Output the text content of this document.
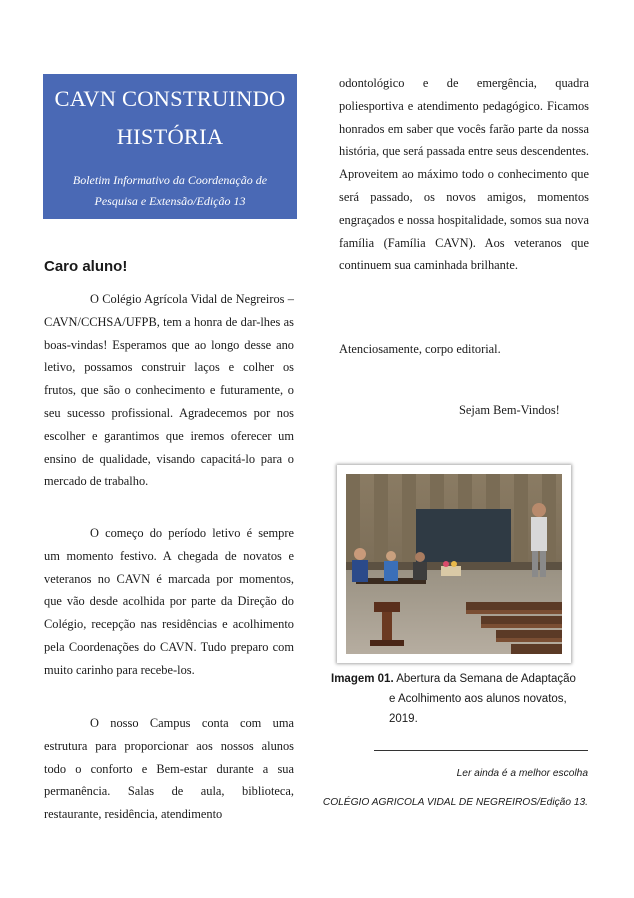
CAVN CONSTRUINDO
HISTÓRIA
Boletim Informativo da Coordenação de
Pesquisa e Extensão/Edição 13
Caro aluno!

O Colégio Agrícola Vidal de Negreiros – CAVN/CCHSA/UFPB, tem a honra de dar-lhes as boas-vindas! Esperamos que ao longo desse ano letivo, possamos construir laços e colher os frutos, que são o conhecimento e futuramente, o seu sucesso profissional. Agradecemos por nos escolher e garantimos que iremos oferecer um ensino de qualidade, visando capacitá-lo para o mercado de trabalho.

O começo do período letivo é sempre um momento festivo. A chegada de novatos e veteranos no CAVN é marcada por momentos, que vão desde acolhida por parte da Direção do Colégio, recepção nas residências e acolhimento pela Coordenações do CAVN. Tudo preparo com muito carinho para recebe-los.

O nosso Campus conta com uma estrutura para proporcionar aos nossos alunos todo o conforto e Bem-estar durante a sua permanência. Salas de aula, biblioteca, restaurante, residência, atendimento

odontológico e de emergência, quadra poliesportiva e atendimento pedagógico. Ficamos honrados em saber que vocês farão parte da nossa história, que será passada entre seus descendentes. Aproveitem ao máximo todo o conhecimento que será passado, os novos amigos, momentos engraçados e nossa hospitalidade, somos sua nova família (Família CAVN). Aos veteranos que continuem sua caminhada brilhante.

Atenciosamente, corpo editorial.
Sejam Bem-Vindos!
Imagem 01. Abertura da Semana de Adaptação
e Acolhimento aos alunos novatos,
2019.
Ler ainda é a melhor escolha
COLÉGIO AGRICOLA VIDAL DE NEGREIROS/Edição 13.
